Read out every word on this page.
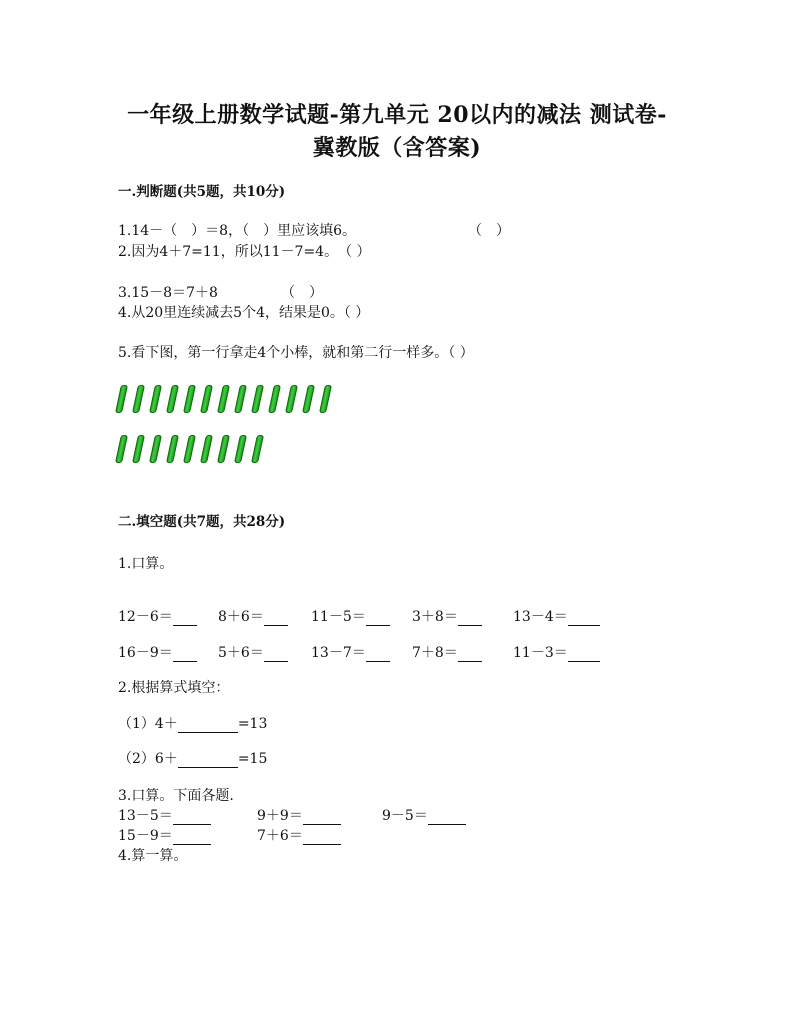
一年级上册数学试题-第九单元 20以内的减法 测试卷-
冀教版（含答案)
一.判断题(共5题，共10分)
1.14－（　）＝8，（　）里应该填6。	（　）
2.因为4＋7=11，所以11－7=4。　（ ）
3.15－8＝7＋8	（　）
4.从20里连续减去5个4，结果是0。（ ）
5.看下图，第一行拿走4个小棒，就和第二行一样多。（ ）
二.填空题(共7题，共28分)
1.口算。
12－6＝	8＋6＝	11－5＝	3＋8＝	13－4＝
16－9＝	5＋6＝	13－7＝	7＋8＝	11－3＝
2.根据算式填空：
（1）4＋	=13
（2）6＋	=15
3.口算。下面各题.
13－5＝	9＋9＝	9－5＝
15－9＝	7＋6＝
4.算一算。
